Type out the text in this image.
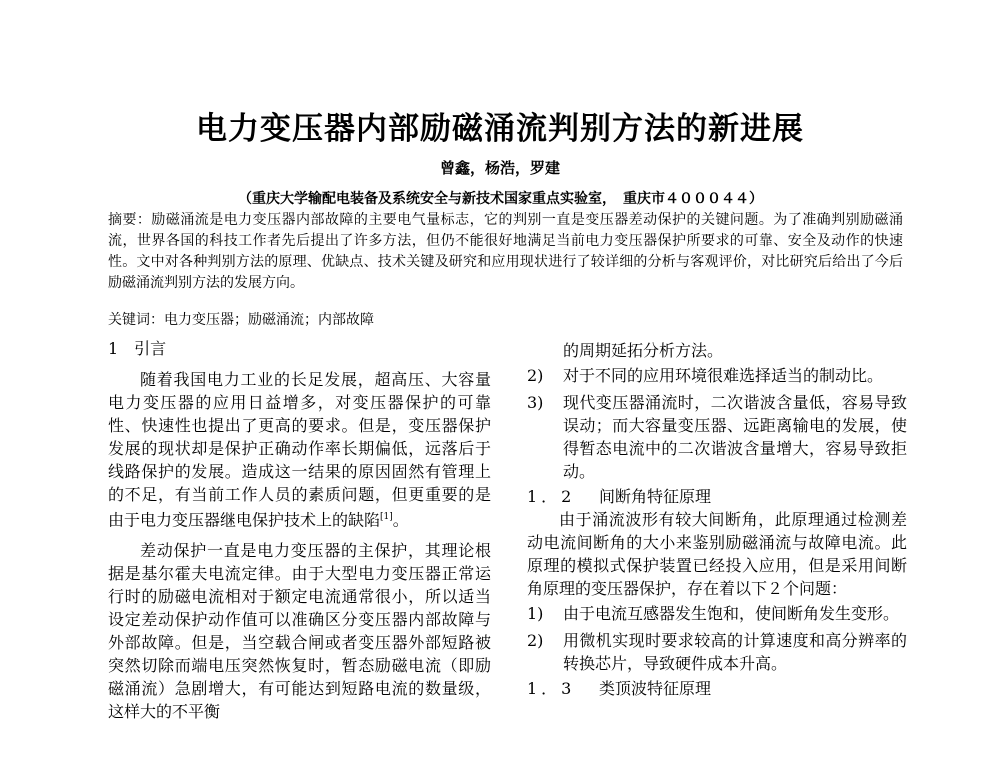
电力变压器内部励磁涌流判别方法的新进展
曾鑫，杨浩，罗建
（重庆大学输配电装备及系统安全与新技术国家重点实验室，　重庆市４０００４４）
摘要：励磁涌流是电力变压器内部故障的主要电气量标志，它的判别一直是变压器差动保护的关键问题。为了准确判别励磁涌流，世界各国的科技工作者先后提出了许多方法，但仍不能很好地满足当前电力变压器保护所要求的可靠、安全及动作的快速性。文中对各种判别方法的原理、优缺点、技术关键及研究和应用现状进行了较详细的分析与客观评价，对比研究后给出了今后励磁涌流判别方法的发展方向。
关键词：电力变压器；励磁涌流；内部故障

1　引言

随着我国电力工业的长足发展，超高压、大容量电力变压器的应用日益增多，对变压器保护的可靠性、快速性也提出了更高的要求。但是，变压器保护发展的现状却是保护正确动作率长期偏低，远落后于线路保护的发展。造成这一结果的原因固然有管理上的不足，有当前工作人员的素质问题，但更重要的是由于电力变压器继电保护技术上的缺陷[1]。

差动保护一直是电力变压器的主保护，其理论根据是基尔霍夫电流定律。由于大型电力变压器正常运行时的励磁电流相对于额定电流通常很小，所以适当设定差动保护动作值可以准确区分变压器内部故障与外部故障。但是，当空载合闸或者变压器外部短路被突然切除而端电压突然恢复时，暂态励磁电流（即励磁涌流）急剧增大，有可能达到短路电流的数量级，这样大的不平衡

的周期延拓分析方法。

2)	对于不同的应用环境很难选择适当的制动比。
3)	现代变压器涌流时，二次谐波含量低，容易导致误动；而大容量变压器、远距离输电的发展，使得暂态电流中的二次谐波含量增大，容易导致拒动。
1．2	间断角特征原理

由于涌流波形有较大间断角，此原理通过检测差动电流间断角的大小来鉴别励磁涌流与故障电流。此原理的模拟式保护装置已经投入应用，但是采用间断角原理的变压器保护，存在着以下２个问题：

1)	由于电流互感器发生饱和，使间断角发生变形。
2)	用微机实现时要求较高的计算速度和高分辨率的转换芯片，导致硬件成本升高。
1．3	类顶波特征原理
